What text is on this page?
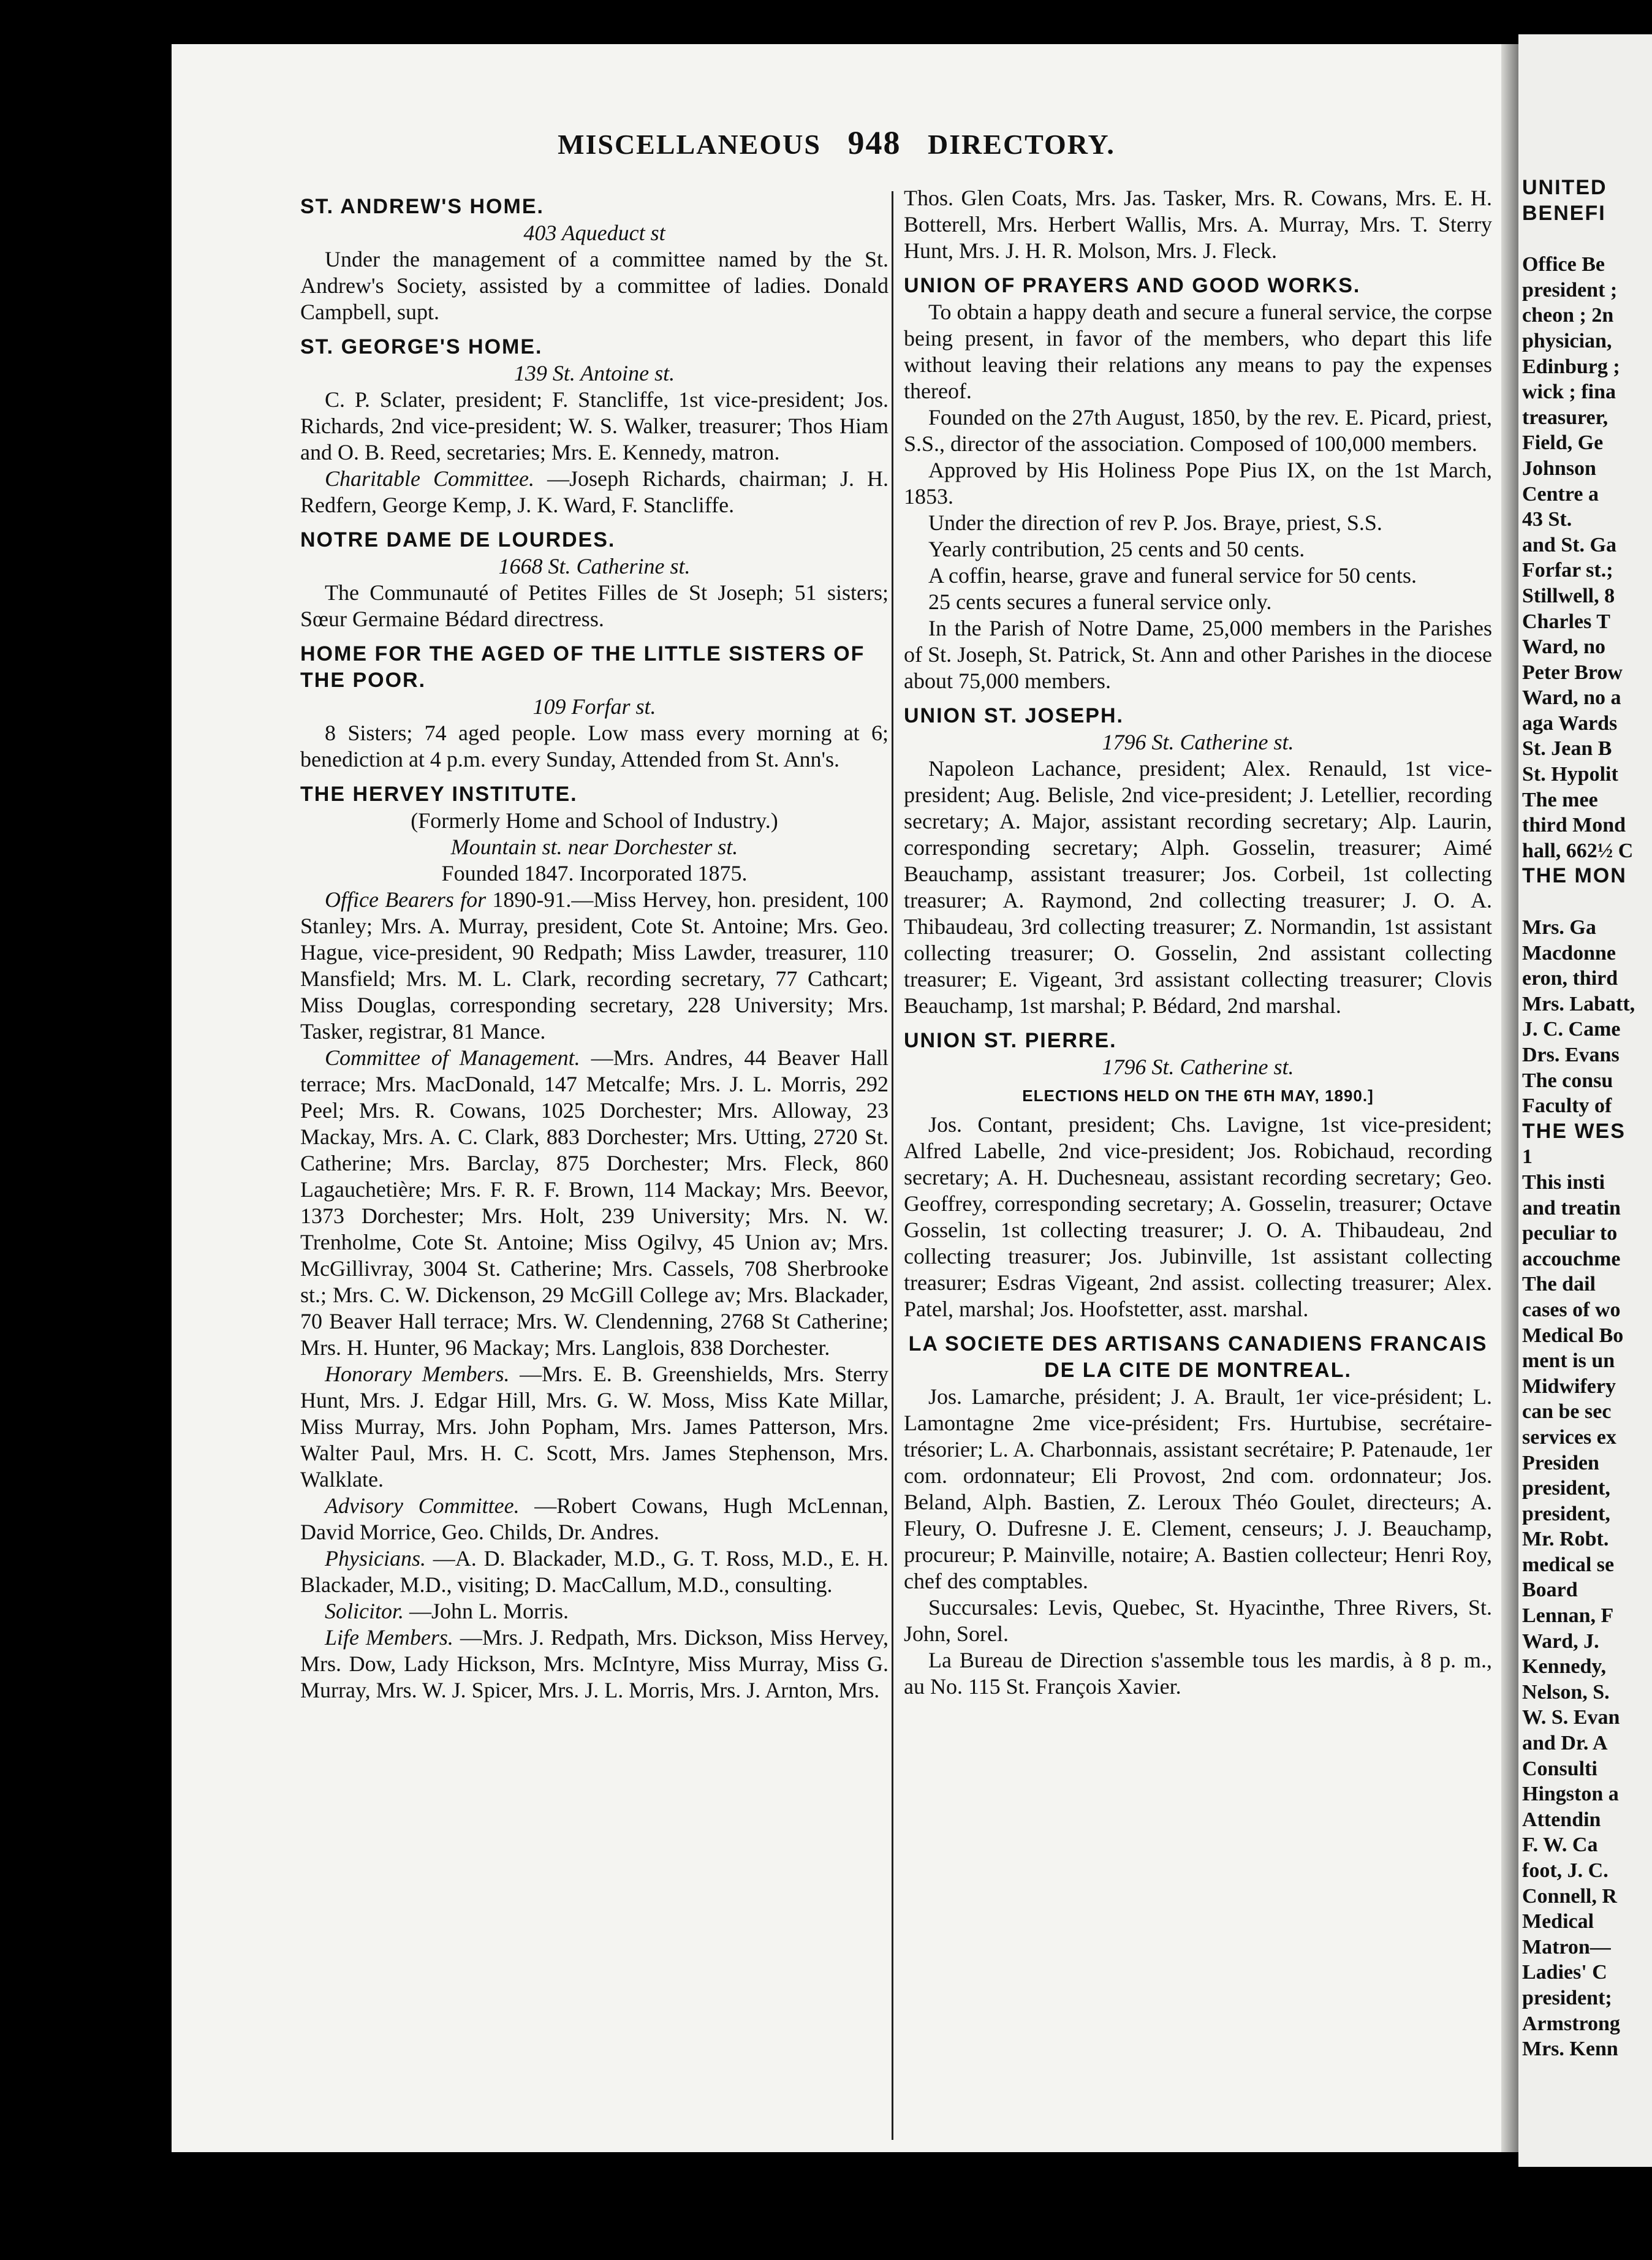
MISCELLANEOUS 948 DIRECTORY.
ST. ANDREW'S HOME.
403 Aqueduct st

Under the management of a committee named by the St. Andrew's Society, assisted by a committee of ladies. Donald Campbell, supt.

ST. GEORGE'S HOME.
139 St. Antoine st.

C. P. Sclater, president; F. Stancliffe, 1st vice-president; Jos. Richards, 2nd vice-president; W. S. Walker, treasurer; Thos Hiam and O. B. Reed, secretaries; Mrs. E. Kennedy, matron.

Charitable Committee. —Joseph Richards, chairman; J. H. Redfern, George Kemp, J. K. Ward, F. Stancliffe.

NOTRE DAME DE LOURDES.
1668 St. Catherine st.

The Communauté of Petites Filles de St Joseph; 51 sisters; Sœur Germaine Bédard directress.

HOME FOR THE AGED OF THE LITTLE SISTERS OF THE POOR.
109 Forfar st.

8 Sisters; 74 aged people. Low mass every morning at 6; benediction at 4 p.m. every Sunday, Attended from St. Ann's.

THE HERVEY INSTITUTE.
(Formerly Home and School of Industry.)
Mountain st. near Dorchester st.
Founded 1847. Incorporated 1875.

Office Bearers for 1890-91.—Miss Hervey, hon. president, 100 Stanley; Mrs. A. Murray, president, Cote St. Antoine; Mrs. Geo. Hague, vice-president, 90 Redpath; Miss Lawder, treasurer, 110 Mansfield; Mrs. M. L. Clark, recording secretary, 77 Cathcart; Miss Douglas, corresponding secretary, 228 University; Mrs. Tasker, registrar, 81 Mance.

Committee of Management. —Mrs. Andres, 44 Beaver Hall terrace; Mrs. MacDonald, 147 Metcalfe; Mrs. J. L. Morris, 292 Peel; Mrs. R. Cowans, 1025 Dorchester; Mrs. Alloway, 23 Mackay, Mrs. A. C. Clark, 883 Dorchester; Mrs. Utting, 2720 St. Catherine; Mrs. Barclay, 875 Dorchester; Mrs. Fleck, 860 Lagauchetière; Mrs. F. R. F. Brown, 114 Mackay; Mrs. Beevor, 1373 Dorchester; Mrs. Holt, 239 University; Mrs. N. W. Trenholme, Cote St. Antoine; Miss Ogilvy, 45 Union av; Mrs. McGillivray, 3004 St. Catherine; Mrs. Cassels, 708 Sherbrooke st.; Mrs. C. W. Dickenson, 29 McGill College av; Mrs. Blackader, 70 Beaver Hall terrace; Mrs. W. Clendenning, 2768 St Catherine; Mrs. H. Hunter, 96 Mackay; Mrs. Langlois, 838 Dorchester.

Honorary Members. —Mrs. E. B. Greenshields, Mrs. Sterry Hunt, Mrs. J. Edgar Hill, Mrs. G. W. Moss, Miss Kate Millar, Miss Murray, Mrs. John Popham, Mrs. James Patterson, Mrs. Walter Paul, Mrs. H. C. Scott, Mrs. James Stephenson, Mrs. Walklate.

Advisory Committee. —Robert Cowans, Hugh McLennan, David Morrice, Geo. Childs, Dr. Andres.

Physicians. —A. D. Blackader, M.D., G. T. Ross, M.D., E. H. Blackader, M.D., visiting; D. MacCallum, M.D., consulting.

Solicitor. —John L. Morris.

Life Members. —Mrs. J. Redpath, Mrs. Dickson, Miss Hervey, Mrs. Dow, Lady Hickson, Mrs. McIntyre, Miss Murray, Miss G. Murray, Mrs. W. J. Spicer, Mrs. J. L. Morris, Mrs. J. Arnton, Mrs.

Thos. Glen Coats, Mrs. Jas. Tasker, Mrs. R. Cowans, Mrs. E. H. Botterell, Mrs. Herbert Wallis, Mrs. A. Murray, Mrs. T. Sterry Hunt, Mrs. J. H. R. Molson, Mrs. J. Fleck.

UNION OF PRAYERS AND GOOD WORKS.

To obtain a happy death and secure a funeral service, the corpse being present, in favor of the members, who depart this life without leaving their relations any means to pay the expenses thereof.

Founded on the 27th August, 1850, by the rev. E. Picard, priest, S.S., director of the association. Composed of 100,000 members.

Approved by His Holiness Pope Pius IX, on the 1st March, 1853.

Under the direction of rev P. Jos. Braye, priest, S.S.

Yearly contribution, 25 cents and 50 cents.

A coffin, hearse, grave and funeral service for 50 cents.

25 cents secures a funeral service only.

In the Parish of Notre Dame, 25,000 members in the Parishes of St. Joseph, St. Patrick, St. Ann and other Parishes in the diocese about 75,000 members.

UNION ST. JOSEPH.
1796 St. Catherine st.

Napoleon Lachance, president; Alex. Renauld, 1st vice-president; Aug. Belisle, 2nd vice-president; J. Letellier, recording secretary; A. Major, assistant recording secretary; Alp. Laurin, corresponding secretary; Alph. Gosselin, treasurer; Aimé Beauchamp, assistant treasurer; Jos. Corbeil, 1st collecting treasurer; A. Raymond, 2nd collecting treasurer; J. O. A. Thibaudeau, 3rd collecting treasurer; Z. Normandin, 1st assistant collecting treasurer; O. Gosselin, 2nd assistant collecting treasurer; E. Vigeant, 3rd assistant collecting treasurer; Clovis Beauchamp, 1st marshal; P. Bédard, 2nd marshal.

UNION ST. PIERRE.
1796 St. Catherine st.
ELECTIONS HELD ON THE 6TH MAY, 1890.]

Jos. Contant, president; Chs. Lavigne, 1st vice-president; Alfred Labelle, 2nd vice-president; Jos. Robichaud, recording secretary; A. H. Duchesneau, assistant recording secretary; Geo. Geoffrey, corresponding secretary; A. Gosselin, treasurer; Octave Gosselin, 1st collecting treasurer; J. O. A. Thibaudeau, 2nd collecting treasurer; Jos. Jubinville, 1st assistant collecting treasurer; Esdras Vigeant, 2nd assist. collecting treasurer; Alex. Patel, marshal; Jos. Hoofstetter, asst. marshal.

LA SOCIETE DES ARTISANS CANADIENS FRANCAIS DE LA CITE DE MONTREAL.

Jos. Lamarche, président; J. A. Brault, 1er vice-président; L. Lamontagne 2me vice-président; Frs. Hurtubise, secrétaire-trésorier; L. A. Charbonnais, assistant secrétaire; P. Patenaude, 1er com. ordonnateur; Eli Provost, 2nd com. ordonnateur; Jos. Beland, Alph. Bastien, Z. Leroux Théo Goulet, directeurs; A. Fleury, O. Dufresne J. E. Clement, censeurs; J. J. Beauchamp, procureur; P. Mainville, notaire; A. Bastien collecteur; Henri Roy, chef des comptables.

Succursales: Levis, Quebec, St. Hyacinthe, Three Rivers, St. John, Sorel.

La Bureau de Direction s'assemble tous les mardis, à 8 p. m., au No. 115 St. François Xavier.

UNITED
BENEFI
Office Be
president ;
cheon ; 2n
physician,
Edinburg ;
wick ; fina
treasurer,
Field, Ge
Johnson
Centre a
43 St.
and St. Ga
Forfar st.;
Stillwell, 8
Charles T
Ward, no
Peter Brow
Ward, no a
aga Wards
St. Jean B
St. Hypolit
The mee
third Mond
hall, 662½ C
THE MON
Mrs. Ga
Macdonne
eron, third
Mrs. Labatt,
J. C. Came
Drs. Evans
The consu
Faculty of
THE WES
1
This insti
and treatin
peculiar to
accouchme
The dail
cases of wo
Medical Bo
ment is un
Midwifery
can be sec
services ex
Presiden
president,
president,
Mr. Robt.
medical se
Board
Lennan, F
Ward, J.
Kennedy,
Nelson, S.
W. S. Evan
and Dr. A
Consulti
Hingston a
Attendin
F. W. Ca
foot, J. C.
Connell, R
Medical
Matron—
Ladies' C
president;
Armstrong
Mrs. Kenn
